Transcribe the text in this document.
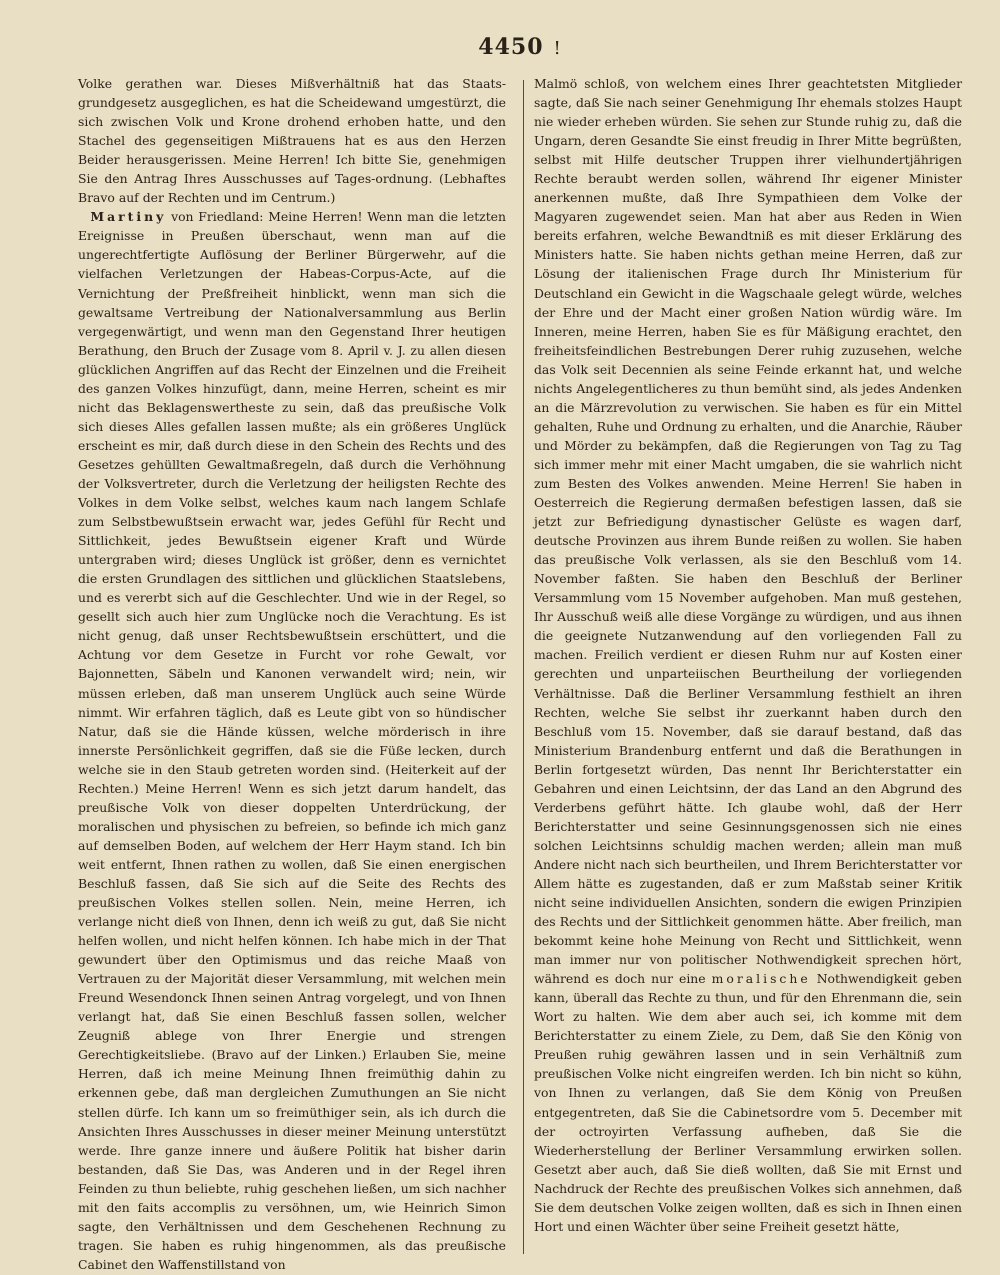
4450 !

Volke gerathen war. Dieses Mißverhältniß hat das Staats-grundgesetz ausgeglichen, es hat die Scheidewand umgestürzt, die sich zwischen Volk und Krone drohend erhoben hatte, und den Stachel des gegenseitigen Mißtrauens hat es aus den Herzen Beider herausgerissen. Meine Herren! Ich bitte Sie, genehmigen Sie den Antrag Ihres Ausschusses auf Tages-ordnung. (Lebhaftes Bravo auf der Rechten und im Centrum.)

 Martiny von Friedland: Meine Herren! Wenn man die letzten Ereignisse in Preußen überschaut, wenn man auf die ungerechtfertigte Auflösung der Berliner Bürgerwehr, auf die vielfachen Verletzungen der Habeas-Corpus-Acte, auf die Vernichtung der Preßfreiheit hinblickt, wenn man sich die gewaltsame Vertreibung der Nationalversammlung aus Berlin vergegenwärtigt, und wenn man den Gegenstand Ihrer heutigen Berathung, den Bruch der Zusage vom 8. April v. J. zu allen diesen glücklichen Angriffen auf das Recht der Einzelnen und die Freiheit des ganzen Volkes hinzufügt, dann, meine Herren, scheint es mir nicht das Beklagenswertheste zu sein, daß das preußische Volk sich dieses Alles gefallen lassen mußte; als ein größeres Unglück erscheint es mir, daß durch diese in den Schein des Rechts und des Gesetzes gehüllten Gewaltmaßregeln, daß durch die Verhöhnung der Volksvertreter, durch die Verletzung der heiligsten Rechte des Volkes in dem Volke selbst, welches kaum nach langem Schlafe zum Selbstbewußtsein erwacht war, jedes Gefühl für Recht und Sittlichkeit, jedes Bewußtsein eigener Kraft und Würde untergraben wird; dieses Unglück ist größer, denn es vernichtet die ersten Grundlagen des sittlichen und glücklichen Staatslebens, und es vererbt sich auf die Geschlechter. Und wie in der Regel, so gesellt sich auch hier zum Unglücke noch die Verachtung. Es ist nicht genug, daß unser Rechtsbewußtsein erschüttert, und die Achtung vor dem Gesetze in Furcht vor rohe Gewalt, vor Bajonnetten, Säbeln und Kanonen verwandelt wird; nein, wir müssen erleben, daß man unserem Unglück auch seine Würde nimmt. Wir erfahren täglich, daß es Leute gibt von so hündischer Natur, daß sie die Hände küssen, welche mörderisch in ihre innerste Persönlichkeit gegriffen, daß sie die Füße lecken, durch welche sie in den Staub getreten worden sind. (Heiterkeit auf der Rechten.) Meine Herren! Wenn es sich jetzt darum handelt, das preußische Volk von dieser doppelten Unterdrückung, der moralischen und physischen zu befreien, so befinde ich mich ganz auf demselben Boden, auf welchem der Herr Haym stand. Ich bin weit entfernt, Ihnen rathen zu wollen, daß Sie einen energischen Beschluß fassen, daß Sie sich auf die Seite des Rechts des preußischen Volkes stellen sollen. Nein, meine Herren, ich verlange nicht dieß von Ihnen, denn ich weiß zu gut, daß Sie nicht helfen wollen, und nicht helfen können. Ich habe mich in der That gewundert über den Optimismus und das reiche Maaß von Vertrauen zu der Majorität dieser Versammlung, mit welchen mein Freund Wesendonck Ihnen seinen Antrag vorgelegt, und von Ihnen verlangt hat, daß Sie einen Beschluß fassen sollen, welcher Zeugniß ablege von Ihrer Energie und strengen Gerechtigkeitsliebe. (Bravo auf der Linken.) Erlauben Sie, meine Herren, daß ich meine Meinung Ihnen freimüthig dahin zu erkennen gebe, daß man dergleichen Zumuthungen an Sie nicht stellen dürfe. Ich kann um so freimüthiger sein, als ich durch die Ansichten Ihres Ausschusses in dieser meiner Meinung unterstützt werde. Ihre ganze innere und äußere Politik hat bisher darin bestanden, daß Sie Das, was Anderen und in der Regel ihren Feinden zu thun beliebte, ruhig geschehen ließen, um sich nachher mit den faits accomplis zu versöhnen, um, wie Heinrich Simon sagte, den Verhältnissen und dem Geschehenen Rechnung zu tragen. Sie haben es ruhig hingenommen, als das preußische Cabinet den Waffenstillstand von

Malmö schloß, von welchem eines Ihrer geachtetsten Mitglieder sagte, daß Sie nach seiner Genehmigung Ihr ehemals stolzes Haupt nie wieder erheben würden. Sie sehen zur Stunde ruhig zu, daß die Ungarn, deren Gesandte Sie einst freudig in Ihrer Mitte begrüßten, selbst mit Hilfe deutscher Truppen ihrer vielhundertjährigen Rechte beraubt werden sollen, während Ihr eigener Minister anerkennen mußte, daß Ihre Sympathieen dem Volke der Magyaren zugewendet seien. Man hat aber aus Reden in Wien bereits erfahren, welche Bewandtniß es mit dieser Erklärung des Ministers hatte. Sie haben nichts gethan meine Herren, daß zur Lösung der italienischen Frage durch Ihr Ministerium für Deutschland ein Gewicht in die Wagschaale gelegt würde, welches der Ehre und der Macht einer großen Nation würdig wäre. Im Inneren, meine Herren, haben Sie es für Mäßigung erachtet, den freiheitsfeindlichen Bestrebungen Derer ruhig zuzusehen, welche das Volk seit Decennien als seine Feinde erkannt hat, und welche nichts Angelegentlicheres zu thun bemüht sind, als jedes Andenken an die Märzrevolution zu verwischen. Sie haben es für ein Mittel gehalten, Ruhe und Ordnung zu erhalten, und die Anarchie, Räuber und Mörder zu bekämpfen, daß die Regierungen von Tag zu Tag sich immer mehr mit einer Macht umgaben, die sie wahrlich nicht zum Besten des Volkes anwenden. Meine Herren! Sie haben in Oesterreich die Regierung dermaßen befestigen lassen, daß sie jetzt zur Befriedigung dynastischer Gelüste es wagen darf, deutsche Provinzen aus ihrem Bunde reißen zu wollen. Sie haben das preußische Volk verlassen, als sie den Beschluß vom 14. November faßten. Sie haben den Beschluß der Berliner Versammlung vom 15 November aufgehoben. Man muß gestehen, Ihr Ausschuß weiß alle diese Vorgänge zu würdigen, und aus ihnen die geeignete Nutzanwendung auf den vorliegenden Fall zu machen. Freilich verdient er diesen Ruhm nur auf Kosten einer gerechten und unparteiischen Beurtheilung der vorliegenden Verhältnisse. Daß die Berliner Versammlung festhielt an ihren Rechten, welche Sie selbst ihr zuerkannt haben durch den Beschluß vom 15. November, daß sie darauf bestand, daß das Ministerium Brandenburg entfernt und daß die Berathungen in Berlin fortgesetzt würden, Das nennt Ihr Berichterstatter ein Gebahren und einen Leichtsinn, der das Land an den Abgrund des Verderbens geführt hätte. Ich glaube wohl, daß der Herr Berichterstatter und seine Gesinnungsgenossen sich nie eines solchen Leichtsinns schuldig machen werden; allein man muß Andere nicht nach sich beurtheilen, und Ihrem Berichterstatter vor Allem hätte es zugestanden, daß er zum Maßstab seiner Kritik nicht seine individuellen Ansichten, sondern die ewigen Prinzipien des Rechts und der Sittlichkeit genommen hätte. Aber freilich, man bekommt keine hohe Meinung von Recht und Sittlichkeit, wenn man immer nur von politischer Nothwendigkeit sprechen hört, während es doch nur eine moralische Nothwendigkeit geben kann, überall das Rechte zu thun, und für den Ehrenmann die, sein Wort zu halten. Wie dem aber auch sei, ich komme mit dem Berichterstatter zu einem Ziele, zu Dem, daß Sie den König von Preußen ruhig gewähren lassen und in sein Verhältniß zum preußischen Volke nicht eingreifen werden. Ich bin nicht so kühn, von Ihnen zu verlangen, daß Sie dem König von Preußen entgegentreten, daß Sie die Cabinetsordre vom 5. December mit der octroyirten Verfassung aufheben, daß Sie die Wiederherstellung der Berliner Versammlung erwirken sollen. Gesetzt aber auch, daß Sie dieß wollten, daß Sie mit Ernst und Nachdruck der Rechte des preußischen Volkes sich annehmen, daß Sie dem deutschen Volke zeigen wollten, daß es sich in Ihnen einen Hort und einen Wächter über seine Freiheit gesetzt hätte,
